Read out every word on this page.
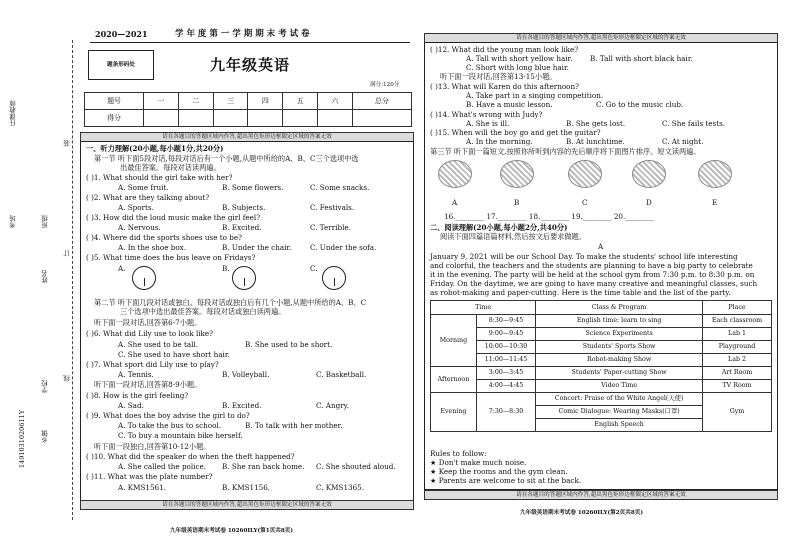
任课教师
班级
考场
姓名
学校
乡镇
线
订
装
1491031020611Y
2020—2021	学 年 度 第 一 学 期 期 末 考 试 卷
题条形码处	九年级英语
满分:120分
题号	一	二	三	四	五	六	总分
得分							
请在各题目的答题区域内作答,超出黑色矩形边框限定区域的答案无效
请在各题目的答题区域内作答,超出黑色矩形边框限定区域的答案无效
一、听力理解(20小题,每小题1分,共20分)
第一节 听下面5段对话,每段对话后有一个小题,从题中所给的A、B、C三个选项中选
出最佳答案。每段对话读两遍。
( )1. What should the girl take with her?
A. Some fruit.	B. Some flowers.	C. Some snacks.
( )2. What are they talking about?
A. Sports.	B. Subjects.	C. Festivals.
( )3. How did the loud music make the girl feel?
A. Nervous.	B. Excited.	C. Terrible.
( )4. Where did the sports shoes use to be?
A. In the shoe box.	B. Under the chair.	C. Under the sofa.
( )5. What time does the bus leave on Fridays?
A.	B.	C.
第二节 听下面几段对话或独白。每段对话或独白后有几个小题,从题中所给的A、B、C
三个选项中选出最佳答案。每段对话或独白读两遍。
听下面一段对话,回答第6-7小题。
( )6. What did Lily use to look like?
A. She used to be tall.	B. She used to be short.
C. She used to have short hair.
( )7. What sport did Lily use to play?
A. Tennis.	B. Volleyball.	C. Basketball.
听下面一段对话,回答第8-9小题。
( )8. How is the girl feeling?
A. Sad.	B. Excited.	C. Angry.
( )9. What does the boy advise the girl to do?
A. To take the bus to school.	B. To talk with her mother.
C. To buy a mountain bike herself.
听下面一段独白,回答第10-12小题。
( )10. What did the speaker do when the theft happened?
A. She called the police. B. She ran back home. C. She shouted aloud.
( )11. What was the plate number?
A. KMS1561.	B. KMS1156.	C. KMS1365.
九年级英语期末考试卷 10260ILY(第1页共8页)
请在各题目的答题区域内作答,超出黑色矩形边框限定区域的答案无效
请在各题目的答题区域内作答,超出黑色矩形边框限定区域的答案无效
( )12. What did the young man look like?
A. Tall with short yellow hair. B. Tall with short black hair.
C. Short with long blue hair.
听下面一段对话,回答第13-15小题。
( )13. What will Karen do this afternoon?
A. Take part in a singing competition.
B. Have a music lesson.	C. Go to the music club.
( )14. What's wrong with Judy?
A. She is ill.	B. She gets lost.	C. She fails tests.
( )15. When will the boy go and get the guitar?
A. In the morning.	B. At lunchtime.	C. At night.
第三节 听下面一篇短文,按照你所听到内容的先后顺序将下面图片排序。短文读两遍。
A	B	C	D	E
16.________ 17.________ 18.________ 19.________ 20.________
二、阅读理解(20小题,每小题2分,共40分)
阅读下面四篇语篇材料,然后按文后要求做题。
A
January 9, 2021 will be our School Day. To make the students' school life interesting
and colorful, the teachers and the students are planning to have a big party to celebrate
it in the evening. The party will be held at the school gym from 7:30 p.m. to 8:30 p.m. on
Friday. On the daytime, we are going to have many creative and meaningful classes, such
as robot-making and paper-cutting. Here is the time table and the list of the party.
Time		Class & Program	Place
Morning	8:30—9:45	English time: learn to sing	Each classroom
	9:00—9:45	Science Experiments	Lab 1
	10:00—10:30	Students' Sports Show	Playground
	11:00—11:45	Robot-making Show	Lab 2
Afternoon	3:00—3:45	Students' Paper-cutting Show	Art Room
	4:00—4:45	Video Time	TV Room
Evening	7:30—8:30	Concert: Praise of the White Angel(天使)	Gym
		Comic Dialogue: Wearing Masks(口罩)	
		English Speech	
Rules to follow:
★ Don't make much noise.
★ Keep the rooms and the gym clean.
★ Parents are welcome to sit at the back.
九年级英语期末考试卷 10260ILY(第2页共8页)
